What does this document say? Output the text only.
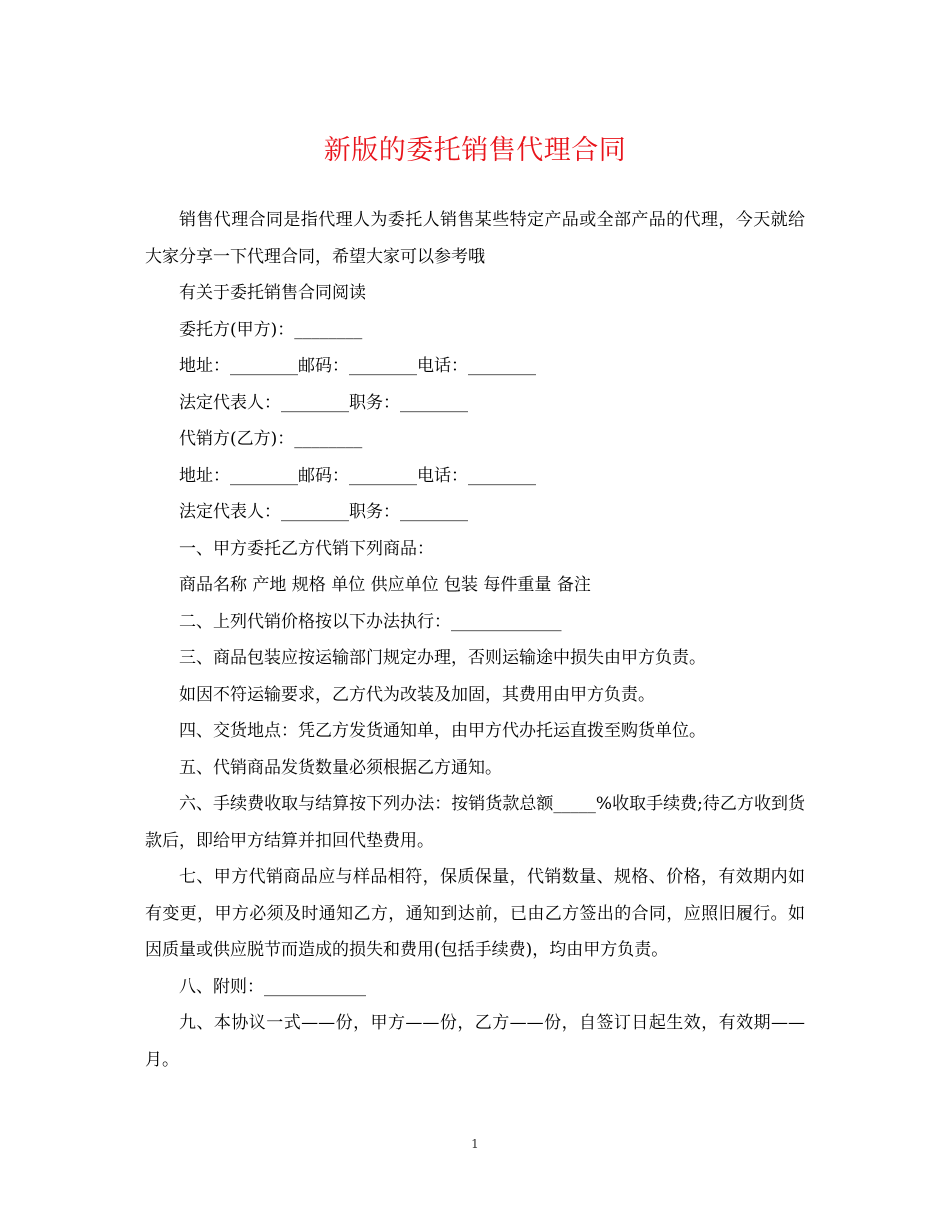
新版的委托销售代理合同

销售代理合同是指代理人为委托人销售某些特定产品或全部产品的代理，今天就给大家分享一下代理合同，希望大家可以参考哦

有关于委托销售合同阅读

委托方(甲方)：________

地址：________邮码：________电话：________

法定代表人：________职务：________

代销方(乙方)：________

地址：________邮码：________电话：________

法定代表人：________职务：________

一、甲方委托乙方代销下列商品：

商品名称 产地 规格 单位 供应单位 包装 每件重量 备注

二、上列代销价格按以下办法执行：_____________

三、商品包装应按运输部门规定办理，否则运输途中损失由甲方负责。

如因不符运输要求，乙方代为改装及加固，其费用由甲方负责。

四、交货地点：凭乙方发货通知单，由甲方代办托运直拨至购货单位。

五、代销商品发货数量必须根据乙方通知。

六、手续费收取与结算按下列办法：按销货款总额_____%收取手续费;待乙方收到货款后，即给甲方结算并扣回代垫费用。

七、甲方代销商品应与样品相符，保质保量，代销数量、规格、价格，有效期内如有变更，甲方必须及时通知乙方，通知到达前，已由乙方签出的合同，应照旧履行。如因质量或供应脱节而造成的损失和费用(包括手续费)，均由甲方负责。

八、附则：____________

九、本协议一式——份，甲方——份，乙方——份，自签订日起生效，有效期——月。

1
